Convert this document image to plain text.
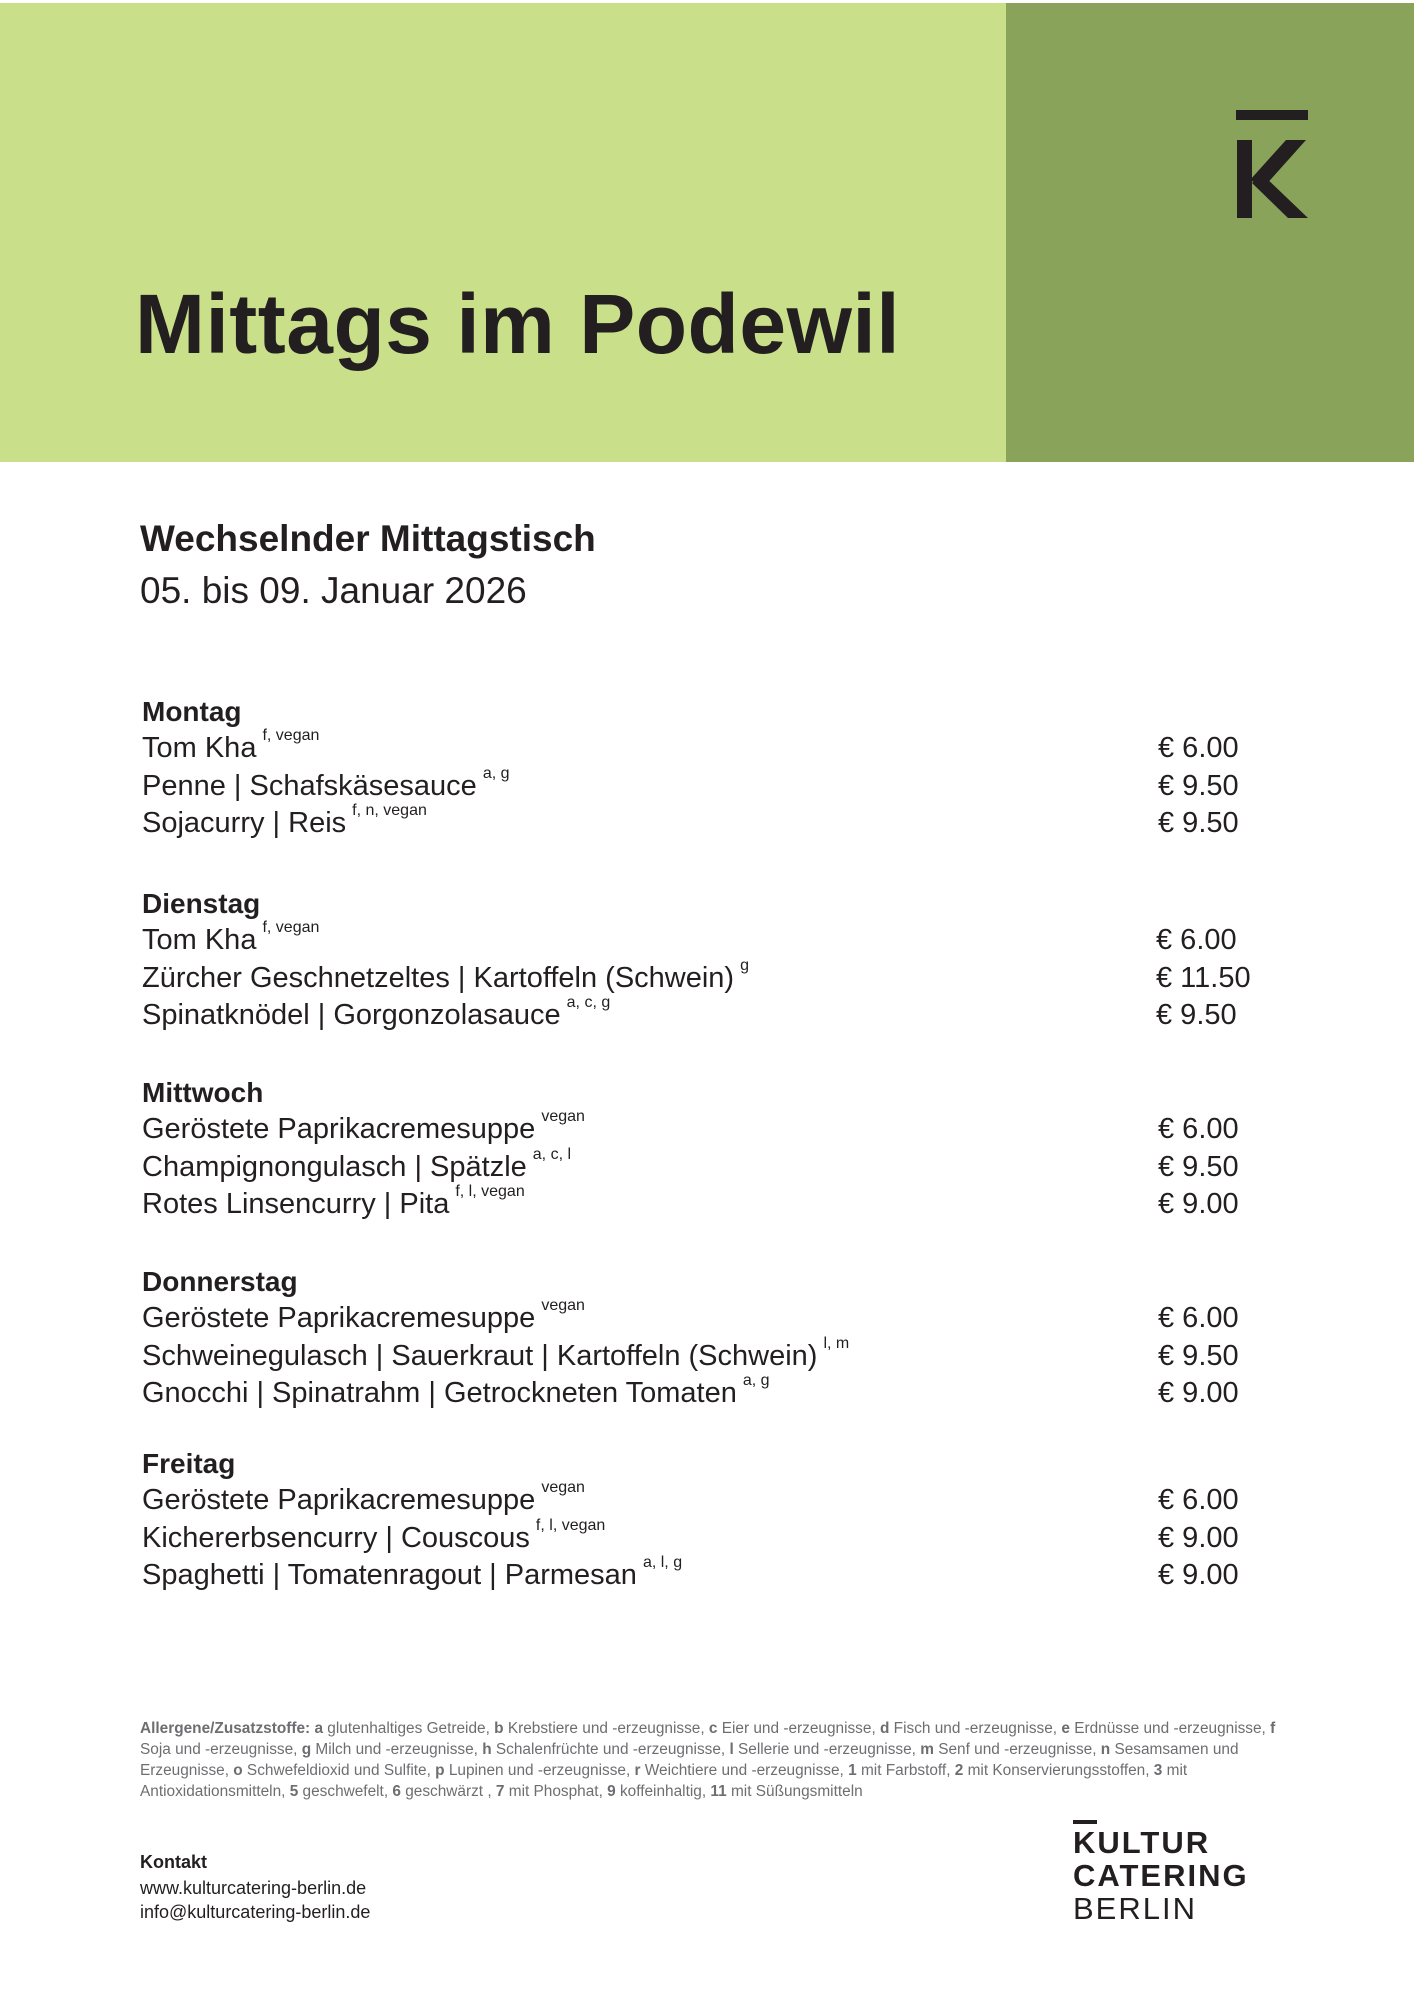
Mittags im Podewil
Wechselnder Mittagstisch
05. bis 09. Januar 2026
Montag
Tom Kha $^{f, vegan}$	€ 6.00
Penne | Schafskäsesauce $^{a, g}$	€ 9.50
Sojacurry | Reis $^{f, n, vegan}$	€ 9.50
Dienstag
Tom Kha $^{f, vegan}$	€ 6.00
Zürcher Geschnetzeltes | Kartoffeln (Schwein) $^g$	€ 11.50
Spinatknödel | Gorgonzolasauce $^{a, c, g}$	€ 9.50
Mittwoch
Geröstete Paprikacremesuppe $^{vegan}$	€ 6.00
Champignongulasch | Spätzle $^{a, c, l}$	€ 9.50
Rotes Linsencurry | Pita $^{f, l, vegan}$	€ 9.00
Donnerstag
Geröstete Paprikacremesuppe $^{vegan}$	€ 6.00
Schweinegulasch | Sauerkraut | Kartoffeln (Schwein) $^{l, m}$	€ 9.50
Gnocchi | Spinatrahm | Getrockneten Tomaten $^{a, g}$	€ 9.00
Freitag
Geröstete Paprikacremesuppe $^{vegan}$	€ 6.00
Kichererbsencurry | Couscous $^{f, l, vegan}$	€ 9.00
Spaghetti | Tomatenragout | Parmesan $^{a, l, g}$	€ 9.00
Allergene/Zusatzstoffe: a glutenhaltiges Getreide, b Krebstiere und -erzeugnisse, c Eier und -erzeugnisse, d Fisch und -erzeugnisse, e Erdnüsse und -erzeugnisse, f Soja und -erzeugnisse, g Milch und -erzeugnisse, h Schalenfrüchte und -erzeugnisse, l Sellerie und -erzeugnisse, m Senf und -erzeugnisse, n Sesamsamen und Erzeugnisse, o Schwefeldioxid und Sulfite, p Lupinen und -erzeugnisse, r Weichtiere und -erzeugnisse, 1 mit Farbstoff, 2 mit Konservierungsstoffen, 3 mit Antioxidationsmitteln, 5 geschwefelt, 6 geschwärzt , 7 mit Phosphat, 9 koffeinhaltig, 11 mit Süßungsmitteln
Kontakt
www.kulturcatering-berlin.de
info@kulturcatering-berlin.de
KULTUR
CATERING
BERLIN
